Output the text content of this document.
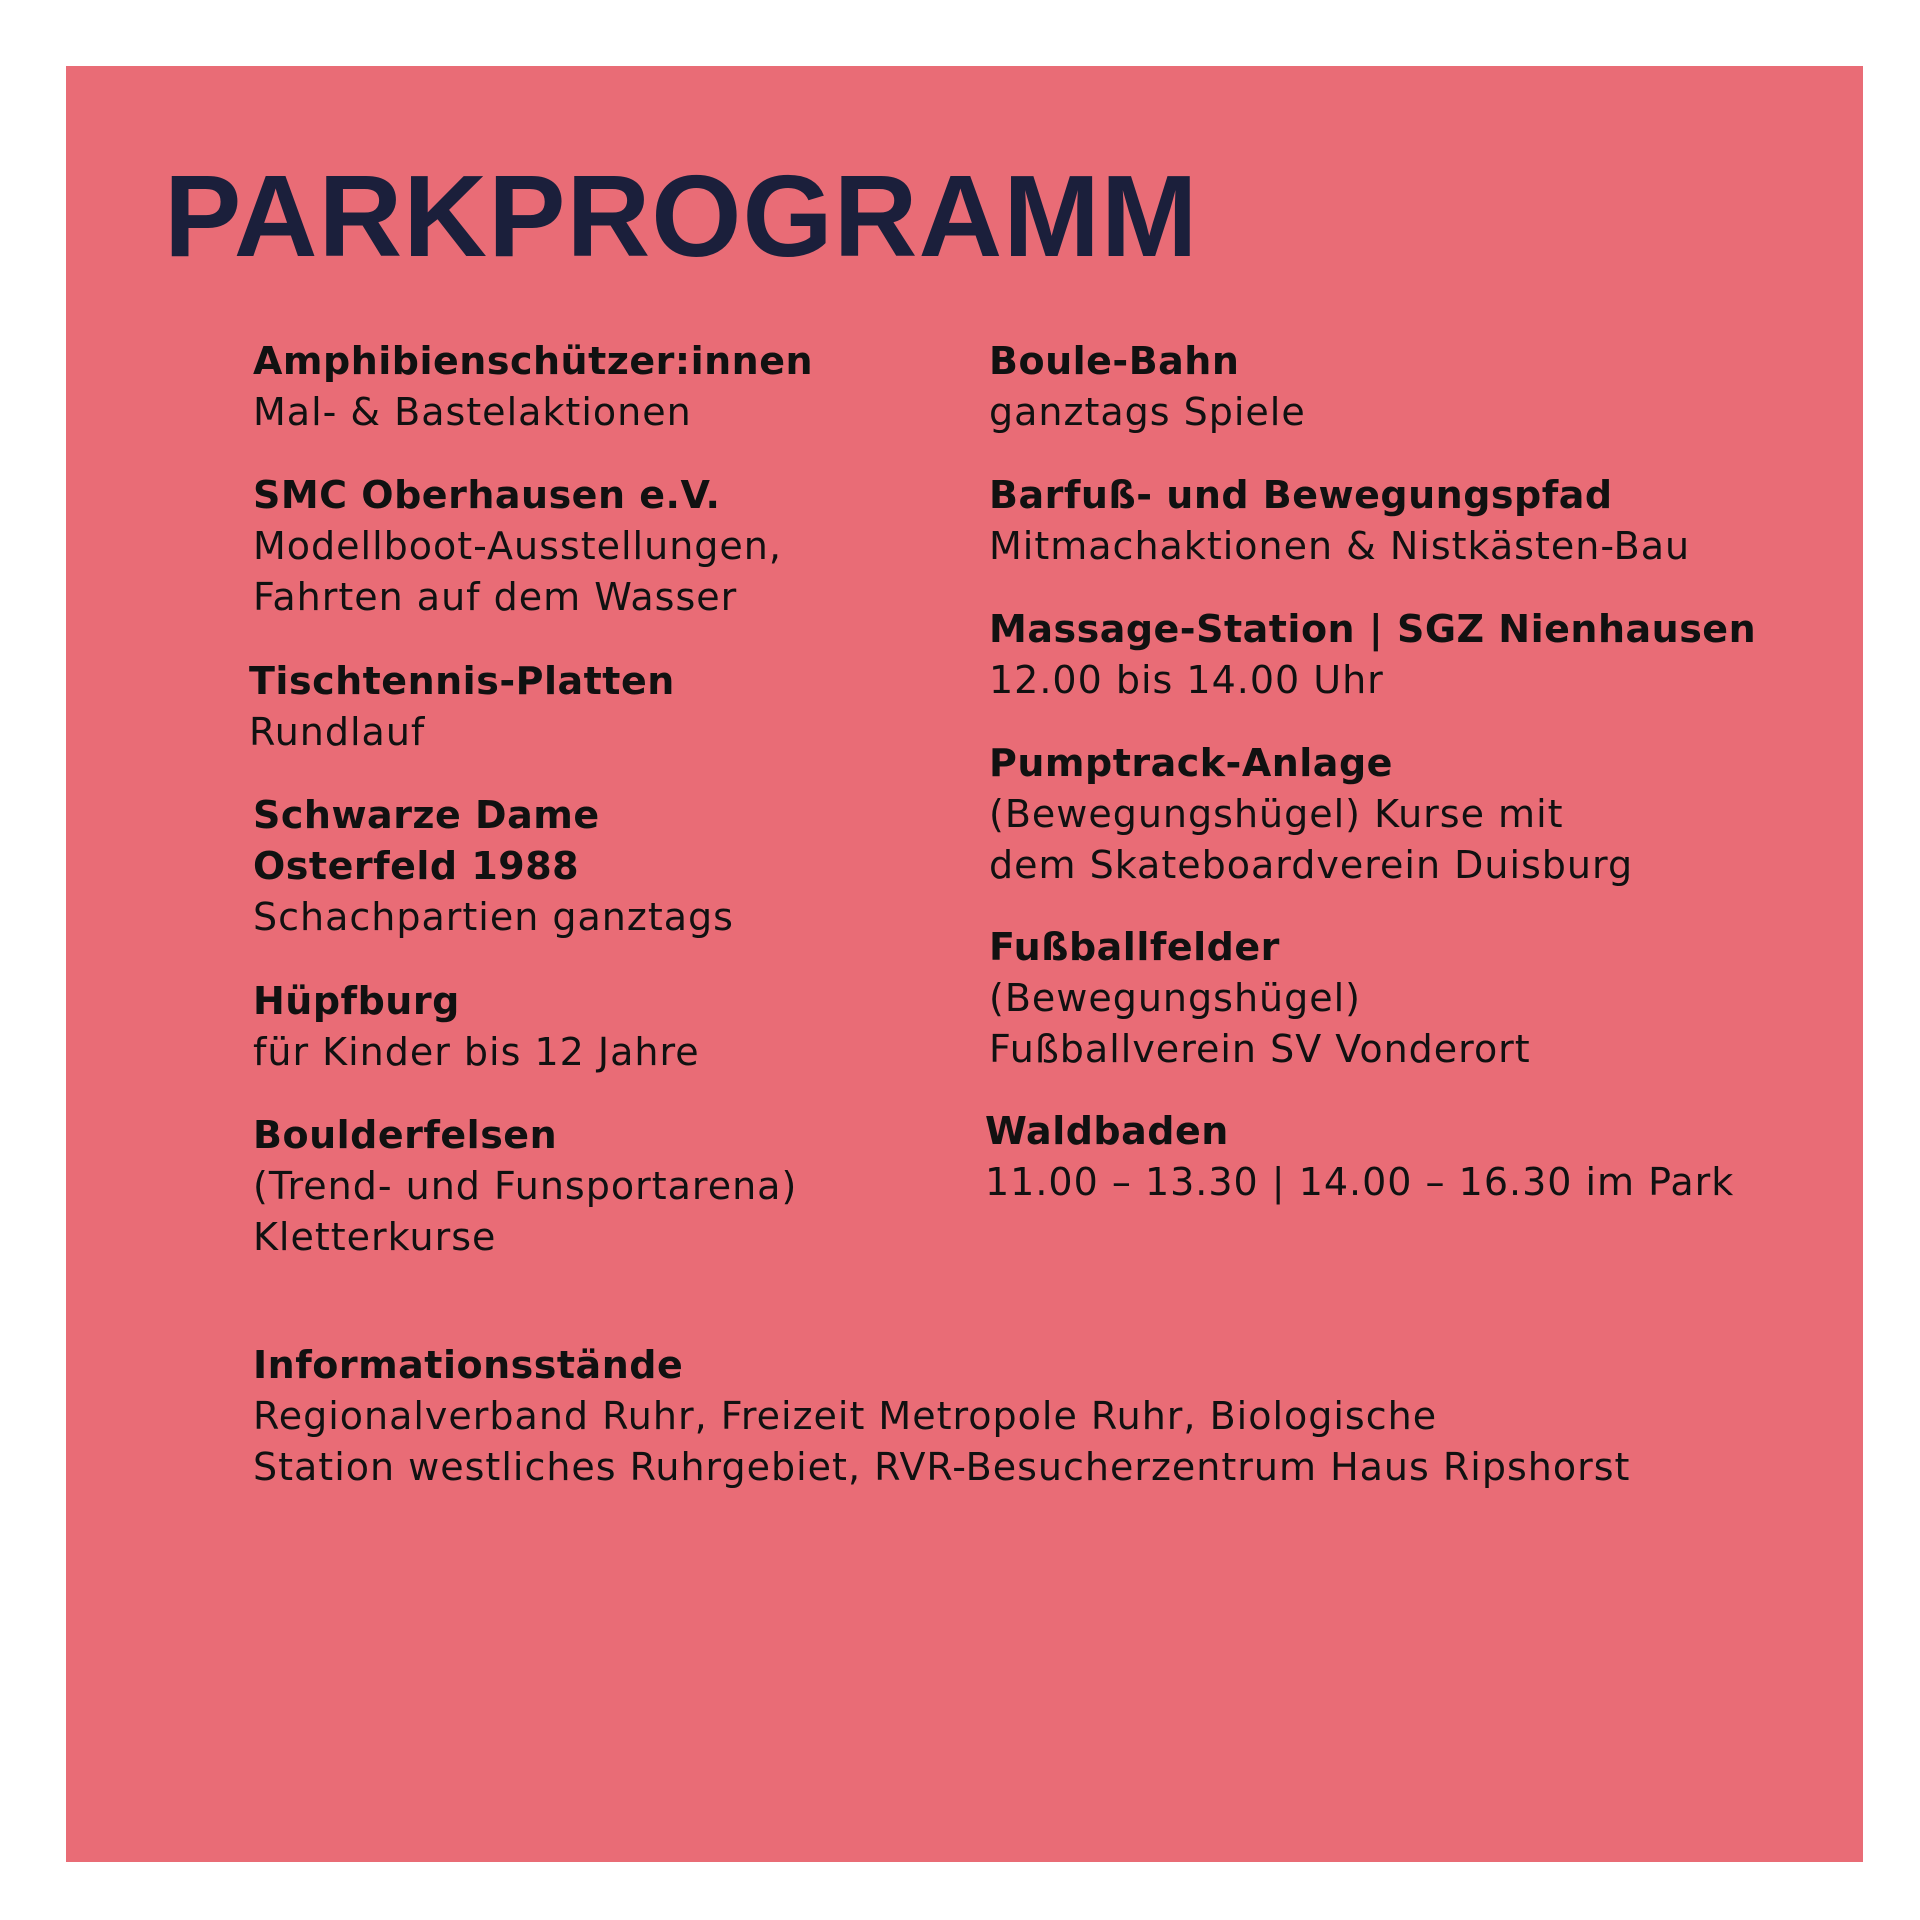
PARKPROGRAMM
Amphibienschützer:innen
Mal- & Bastelaktionen
SMC Oberhausen e.V.
Modellboot-Ausstellungen,
Fahrten auf dem Wasser
Tischtennis-Platten
Rundlauf
Schwarze Dame
Osterfeld 1988
Schachpartien ganztags
Hüpfburg
für Kinder bis 12 Jahre
Boulderfelsen
(Trend- und Funsportarena)
Kletterkurse
Boule-Bahn
ganztags Spiele
Barfuß- und Bewegungspfad
Mitmachaktionen & Nistkästen-Bau
Massage-Station | SGZ Nienhausen
12.00 bis 14.00 Uhr
Pumptrack-Anlage
(Bewegungshügel) Kurse mit
dem Skateboardverein Duisburg
Fußballfelder
(Bewegungshügel)
Fußballverein SV Vonderort
Waldbaden
11.00 – 13.30 | 14.00 – 16.30 im Park
Informationsstände
Regionalverband Ruhr, Freizeit Metropole Ruhr, Biologische
Station westliches Ruhrgebiet, RVR-Besucherzentrum Haus Ripshorst
